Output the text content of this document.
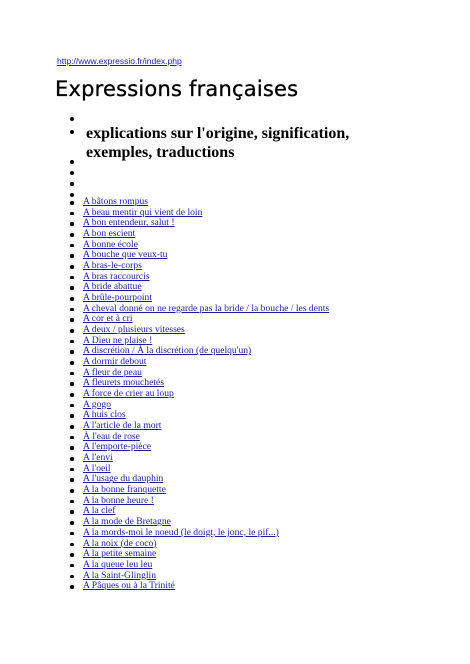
http://www.expressio.fr/index.php
Expressions françaises
explications sur l'origine, signification, exemples, traductions
A bâtons rompus
A beau mentir qui vient de loin
A bon entendeur, salut !
A bon escient
A bonne école
A bouche que veux-tu
A bras-le-corps
A bras raccourcis
A bride abattue
A brûle-pourpoint
A cheval donné on ne regarde pas la bride / la bouche / les dents
A cor et à cri
A deux / plusieurs vitesses
A Dieu ne plaise !
A discrétion / À la discrétion (de quelqu'un)
A dormir debout
A fleur de peau
A fleurets mouchetés
A force de crier au loup
A gogo
A huis clos
A l'article de la mort
À l'eau de rose
A l'emporte-pièce
A l'envi
A l'oeil
A l'usage du dauphin
A la bonne franquette
A la bonne heure !
A la clef
A la mode de Bretagne
A la mords-moi le noeud (le doigt, le jonc, le pif...)
A la noix (de coco)
A la petite semaine
A la queue leu leu
A la Saint-Glinglin
A Pâques ou à la Trinité
